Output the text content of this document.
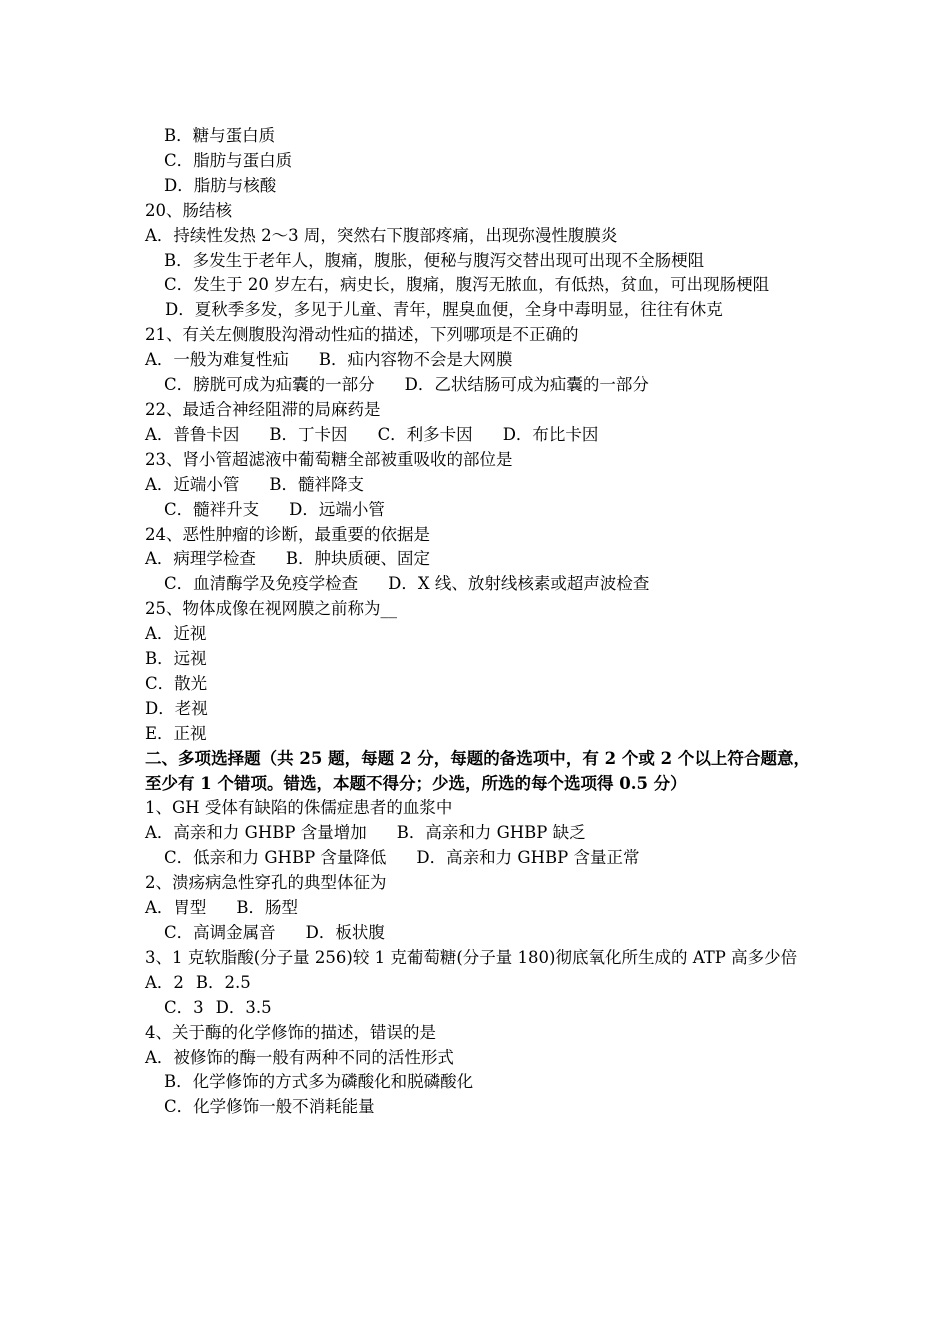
B．糖与蛋白质
C．脂肪与蛋白质
D．脂肪与核酸
20、肠结核
A．持续性发热 2～3 周，突然右下腹部疼痛，出现弥漫性腹膜炎
B．多发生于老年人，腹痛，腹胀，便秘与腹泻交替出现可出现不全肠梗阻
C．发生于 20 岁左右，病史长，腹痛，腹泻无脓血，有低热，贫血，可出现肠梗阻
D．夏秋季多发，多见于儿童、青年，腥臭血便，全身中毒明显，往往有休克
21、有关左侧腹股沟滑动性疝的描述，下列哪项是不正确的
A．一般为难复性疝 B．疝内容物不会是大网膜
C．膀胱可成为疝囊的一部分 D．乙状结肠可成为疝囊的一部分
22、最适合神经阻滞的局麻药是
A．普鲁卡因 B．丁卡因 C．利多卡因 D．布比卡因
23、肾小管超滤液中葡萄糖全部被重吸收的部位是
A．近端小管 B．髓袢降支
C．髓袢升支 D．远端小管
24、恶性肿瘤的诊断，最重要的依据是
A．病理学检查 B．肿块质硬、固定
C．血清酶学及免疫学检查 D．X 线、放射线核素或超声波检查
25、物体成像在视网膜之前称为__
A．近视
B．远视
C．散光
D．老视
E．正视
二、多项选择题（共 25 题，每题 2 分，每题的备选项中，有 2 个或 2 个以上符合题意，至少有 1 个错项。错选，本题不得分；少选，所选的每个选项得 0.5 分）
1、GH 受体有缺陷的侏儒症患者的血浆中
A．高亲和力 GHBP 含量增加 B．高亲和力 GHBP 缺乏
C．低亲和力 GHBP 含量降低 D．高亲和力 GHBP 含量正常
2、溃疡病急性穿孔的典型体征为
A．胃型 B．肠型
C．高调金属音 D．板状腹
3、1 克软脂酸(分子量 256)较 1 克葡萄糖(分子量 180)彻底氧化所生成的 ATP 高多少倍
A．2 B．2.5
C．3 D．3.5
4、关于酶的化学修饰的描述，错误的是
A．被修饰的酶一般有两种不同的活性形式
B．化学修饰的方式多为磷酸化和脱磷酸化
C．化学修饰一般不消耗能量
